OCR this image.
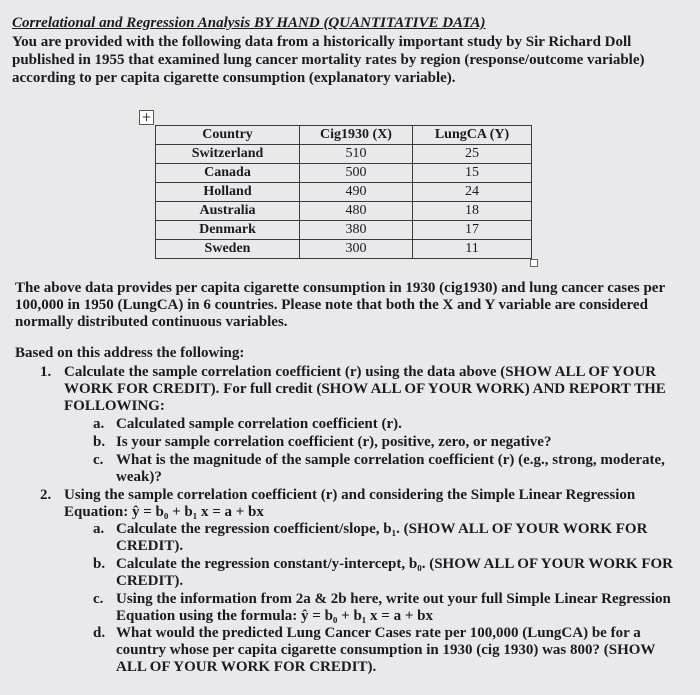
Correlational and Regression Analysis BY HAND (QUANTITATIVE DATA)
You are provided with the following data from a historically important study by Sir Richard Doll published in 1955 that examined lung cancer mortality rates by region (response/outcome variable) according to per capita cigarette consumption (explanatory variable).
+
Country	Cig1930 (X)	LungCA (Y)
Switzerland	510	25
Canada	500	15
Holland	490	24
Australia	480	18
Denmark	380	17
Sweden	300	11
The above data provides per capita cigarette consumption in 1930 (cig1930) and lung cancer cases per
100,000 in 1950 (LungCA) in 6 countries. Please note that both the X and Y variable are considered
normally distributed continuous variables.
Based on this address the following:
1. Calculate the sample correlation coefficient (r) using the data above (SHOW ALL OF YOUR
WORK FOR CREDIT). For full credit (SHOW ALL OF YOUR WORK) AND REPORT THE
FOLLOWING:
a. Calculated sample correlation coefficient (r).
b. Is your sample correlation coefficient (r), positive, zero, or negative?
c. What is the magnitude of the sample correlation coefficient (r) (e.g., strong, moderate,
weak)?
2. Using the sample correlation coefficient (r) and considering the Simple Linear Regression
Equation: ŷ = b₀ + b₁ x = a + bx
a. Calculate the regression coefficient/slope, b₁. (SHOW ALL OF YOUR WORK FOR
CREDIT).
b. Calculate the regression constant/y-intercept, b₀. (SHOW ALL OF YOUR WORK FOR
CREDIT).
c. Using the information from 2a & 2b here, write out your full Simple Linear Regression
Equation using the formula: ŷ = b₀ + b₁ x = a + bx
d. What would the predicted Lung Cancer Cases rate per 100,000 (LungCA) be for a
country whose per capita cigarette consumption in 1930 (cig 1930) was 800? (SHOW
ALL OF YOUR WORK FOR CREDIT).
